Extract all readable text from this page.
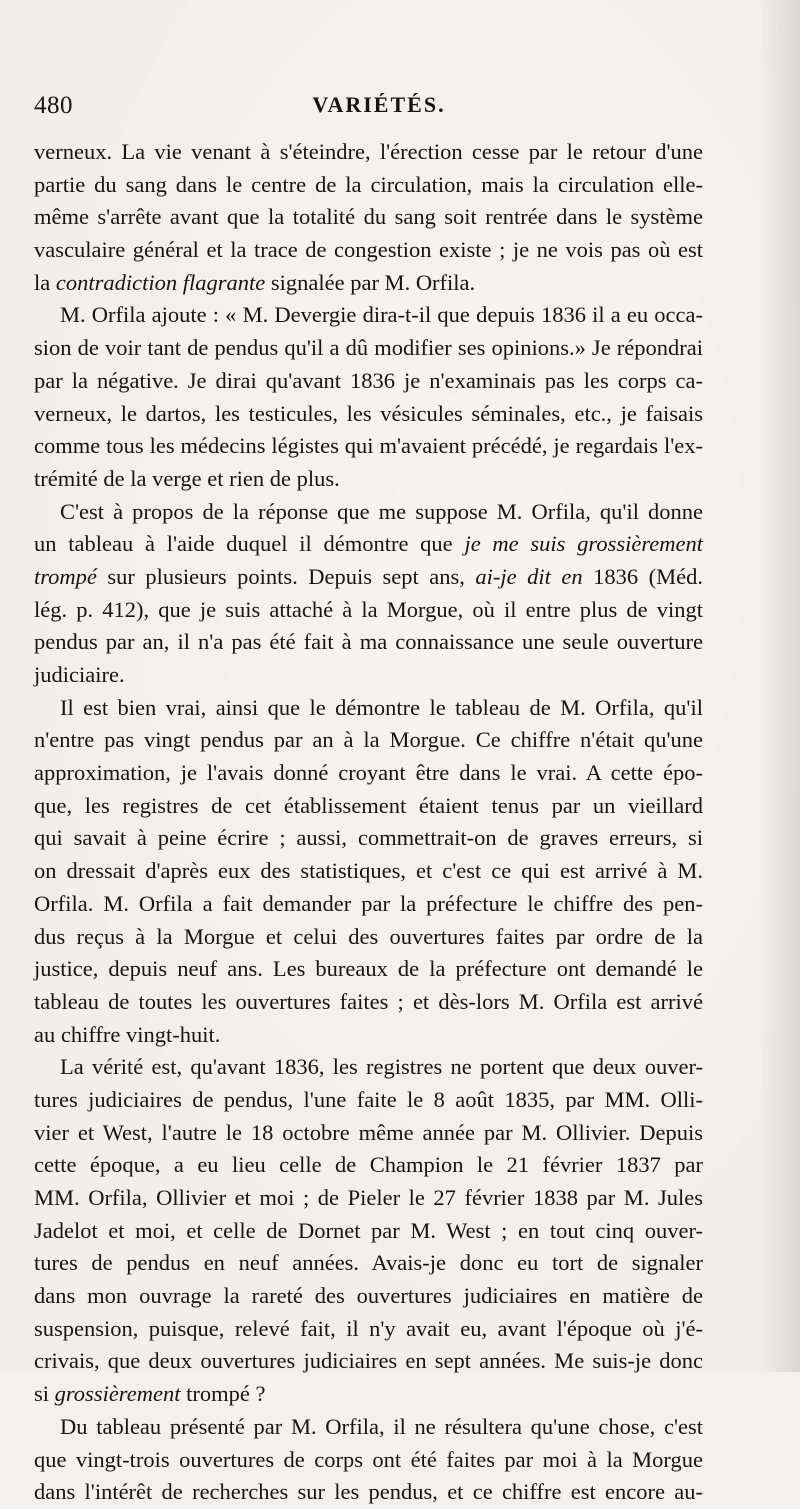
480	VARIÉTÉS.
verneux. La vie venant à s'éteindre, l'érection cesse par le retour d'une
partie du sang dans le centre de la circulation, mais la circulation elle-
même s'arrête avant que la totalité du sang soit rentrée dans le système
vasculaire général et la trace de congestion existe ; je ne vois pas où est
la contradiction flagrante signalée par M. Orfila.
M. Orfila ajoute : « M. Devergie dira-t-il que depuis 1836 il a eu occa-
sion de voir tant de pendus qu'il a dû modifier ses opinions.» Je répondrai
par la négative. Je dirai qu'avant 1836 je n'examinais pas les corps ca-
verneux, le dartos, les testicules, les vésicules séminales, etc., je faisais
comme tous les médecins légistes qui m'avaient précédé, je regardais l'ex-
trémité de la verge et rien de plus.
C'est à propos de la réponse que me suppose M. Orfila, qu'il donne
un tableau à l'aide duquel il démontre que je me suis grossièrement
trompé sur plusieurs points. Depuis sept ans, ai-je dit en 1836 (Méd.
lég. p. 412), que je suis attaché à la Morgue, où il entre plus de vingt
pendus par an, il n'a pas été fait à ma connaissance une seule ouverture
judiciaire.
Il est bien vrai, ainsi que le démontre le tableau de M. Orfila, qu'il
n'entre pas vingt pendus par an à la Morgue. Ce chiffre n'était qu'une
approximation, je l'avais donné croyant être dans le vrai. A cette épo-
que, les registres de cet établissement étaient tenus par un vieillard
qui savait à peine écrire ; aussi, commettrait-on de graves erreurs, si
on dressait d'après eux des statistiques, et c'est ce qui est arrivé à M.
Orfila. M. Orfila a fait demander par la préfecture le chiffre des pen-
dus reçus à la Morgue et celui des ouvertures faites par ordre de la
justice, depuis neuf ans. Les bureaux de la préfecture ont demandé le
tableau de toutes les ouvertures faites ; et dès-lors M. Orfila est arrivé
au chiffre vingt-huit.
La vérité est, qu'avant 1836, les registres ne portent que deux ouver-
tures judiciaires de pendus, l'une faite le 8 août 1835, par MM. Olli-
vier et West, l'autre le 18 octobre même année par M. Ollivier. Depuis
cette époque, a eu lieu celle de Champion le 21 février 1837 par
MM. Orfila, Ollivier et moi ; de Pieler le 27 février 1838 par M. Jules
Jadelot et moi, et celle de Dornet par M. West ; en tout cinq ouver-
tures de pendus en neuf années. Avais-je donc eu tort de signaler
dans mon ouvrage la rareté des ouvertures judiciaires en matière de
suspension, puisque, relevé fait, il n'y avait eu, avant l'époque où j'é-
crivais, que deux ouvertures judiciaires en sept années. Me suis-je donc
si grossièrement trompé ?
Du tableau présenté par M. Orfila, il ne résultera qu'une chose, c'est
que vingt-trois ouvertures de corps ont été faites par moi à la Morgue
dans l'intérêt de recherches sur les pendus, et ce chiffre est encore au-
